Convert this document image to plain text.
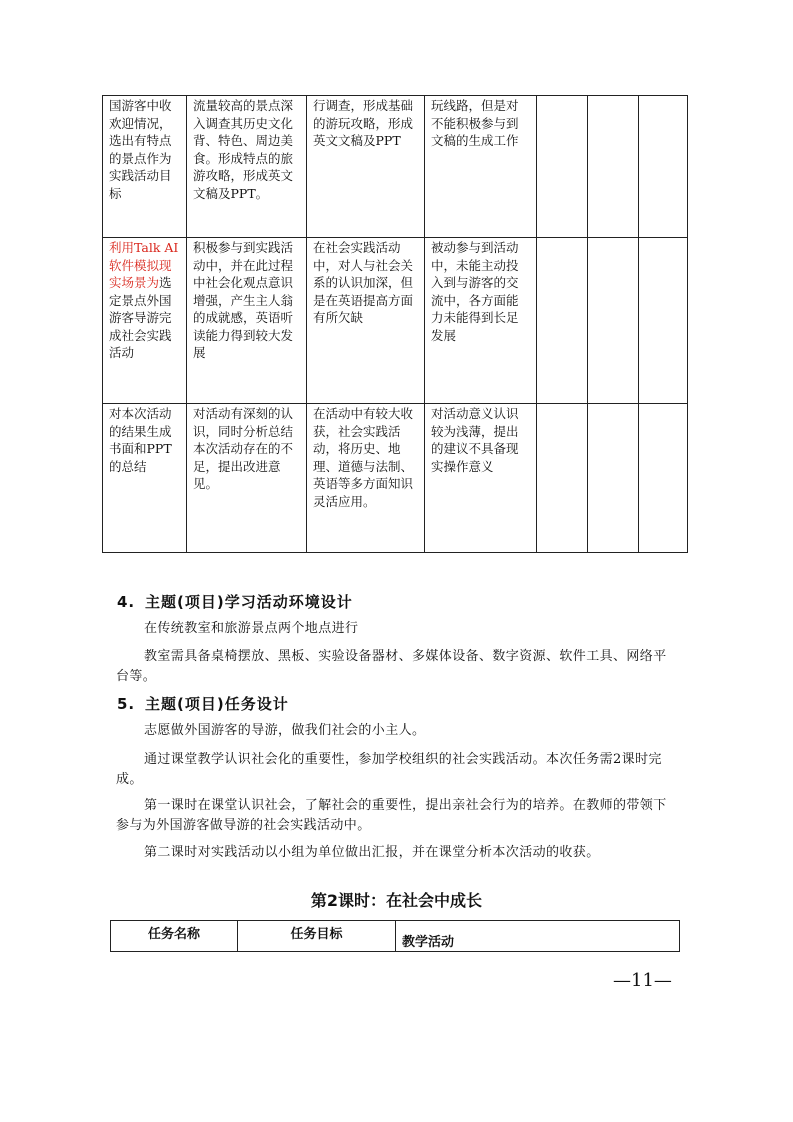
国游客中收欢迎情况，选出有特点的景点作为实践活动目标	流量较高的景点深入调查其历史文化背、特色、周边美食。形成特点的旅游攻略，形成英文文稿及PPT。	行调查，形成基础的游玩攻略，形成英文文稿及PPT	玩线路，但是对不能积极参与到文稿的生成工作			
利用Talk AI软件模拟现实场景为选定景点外国游客导游完成社会实践活动	积极参与到实践活动中，并在此过程中社会化观点意识增强，产生主人翁的成就感，英语听读能力得到较大发展	在社会实践活动中，对人与社会关系的认识加深，但是在英语提高方面有所欠缺	被动参与到活动中，未能主动投入到与游客的交流中，各方面能力未能得到长足发展			
对本次活动的结果生成书面和PPT的总结	对活动有深刻的认识，同时分析总结本次活动存在的不足，提出改进意见。	在活动中有较大收获，社会实践活动，将历史、地理、道德与法制、英语等多方面知识灵活应用。	对活动意义认识较为浅薄，提出的建议不具备现实操作意义			
4. 主题(项目)学习活动环境设计

在传统教室和旅游景点两个地点进行

教室需具备桌椅摆放、黑板、实验设备器材、多媒体设备、数字资源、软件工具、网络平台等。

5. 主题(项目)任务设计

志愿做外国游客的导游，做我们社会的小主人。

通过课堂教学认识社会化的重要性，参加学校组织的社会实践活动。本次任务需2课时完成。

第一课时在课堂认识社会，了解社会的重要性，提出亲社会行为的培养。在教师的带领下参与为外国游客做导游的社会实践活动中。

第二课时对实践活动以小组为单位做出汇报，并在课堂分析本次活动的收获。

第2课时：在社会中成长
任务名称	任务目标	教学活动
—11—
